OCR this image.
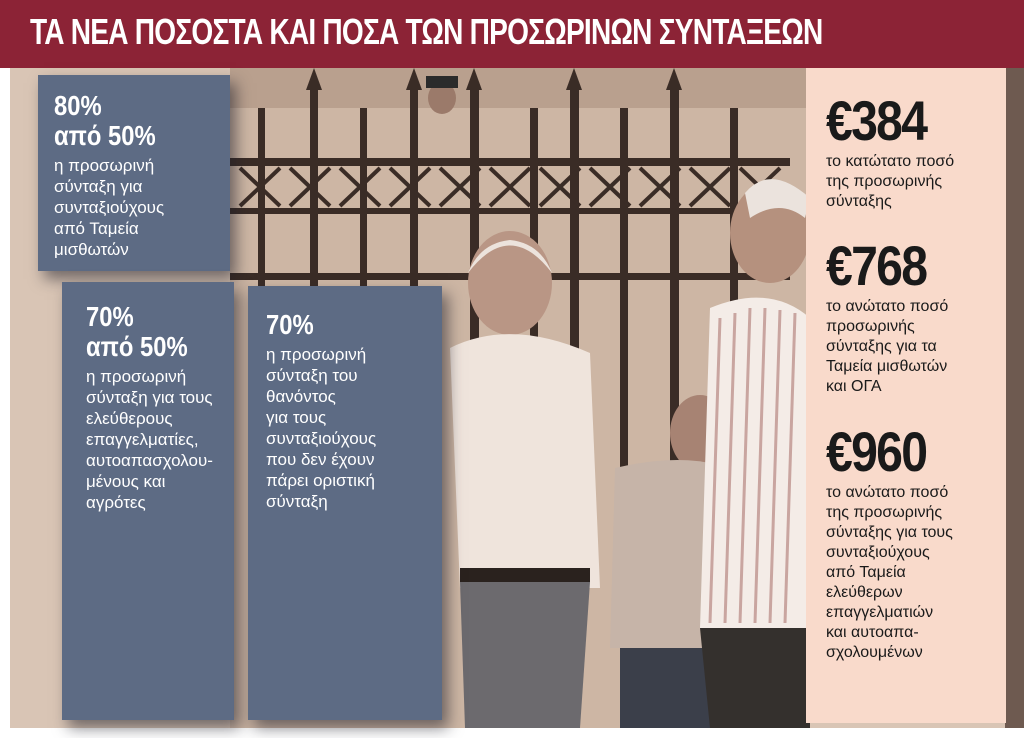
ΤΑ ΝΕΑ ΠΟΣΟΣΤΑ ΚΑΙ ΠΟΣΑ ΤΩΝ ΠΡΟΣΩΡΙΝΩΝ ΣΥΝΤΑΞΕΩΝ
80%
από 50%
η προσωρινή
σύνταξη για
συνταξιούχους
από Ταμεία
μισθωτών
70%
από 50%
η προσωρινή
σύνταξη για τους
ελεύθερους
επαγγελματίες,
αυτοαπασχολου-
μένους και
αγρότες
70%
η προσωρινή
σύνταξη του
θανόντος
για τους
συνταξιούχους
που δεν έχουν
πάρει οριστική
σύνταξη
€384
το κατώτατο ποσό
της προσωρινής
σύνταξης
€768
το ανώτατο ποσό
προσωρινής
σύνταξης για τα
Ταμεία μισθωτών
και ΟΓΑ
€960
το ανώτατο ποσό
της προσωρινής
σύνταξης για τους
συνταξιούχους
από Ταμεία
ελεύθερων
επαγγελματιών
και αυτοαπα-
σχολουμένων
